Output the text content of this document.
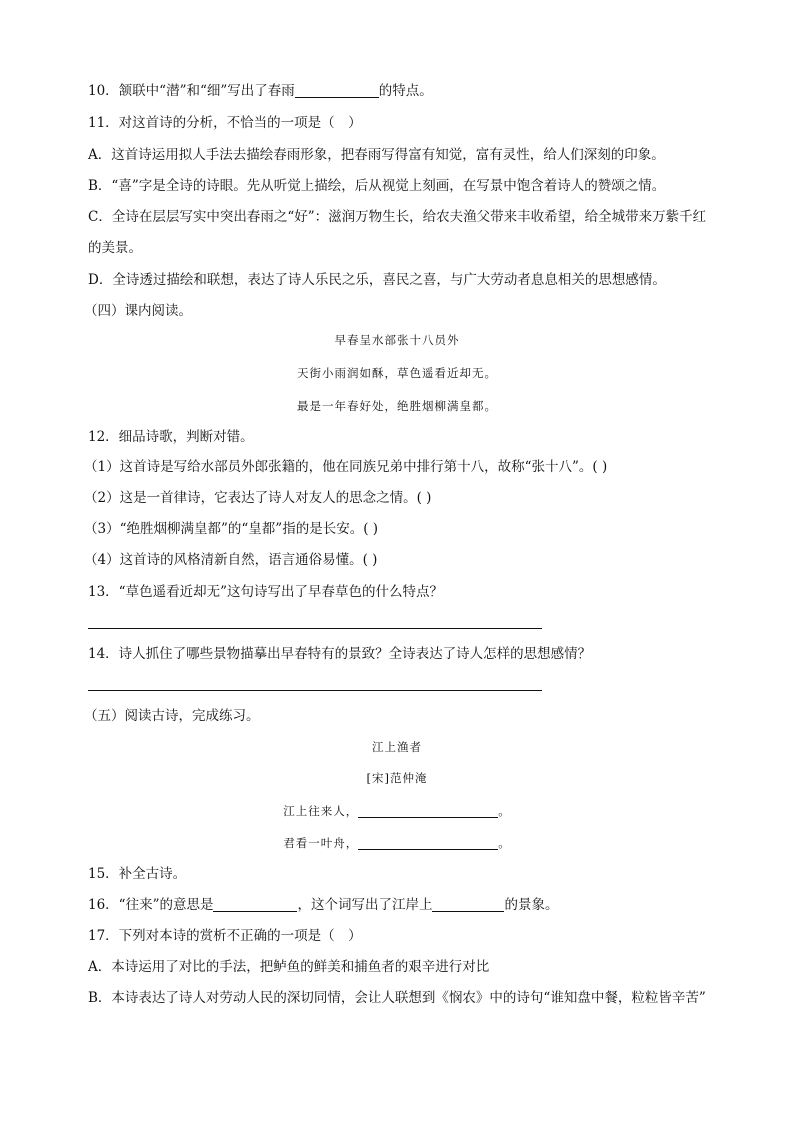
10．颔联中“潜”和“细”写出了春雨	的特点。
11．对这首诗的分析，不恰当的一项是（　）
A．这首诗运用拟人手法去描绘春雨形象，把春雨写得富有知觉，富有灵性，给人们深刻的印象。
B．“喜”字是全诗的诗眼。先从听觉上描绘，后从视觉上刻画，在写景中饱含着诗人的赞颂之情。
C．全诗在层层写实中突出春雨之“好”：滋润万物生长，给农夫渔父带来丰收希望，给全城带来万紫千红的美景。
D．全诗透过描绘和联想，表达了诗人乐民之乐，喜民之喜，与广大劳动者息息相关的思想感情。
（四）课内阅读。
早春呈水部张十八员外
天街小雨润如酥，草色遥看近却无。
最是一年春好处，绝胜烟柳满皇都。
12．细品诗歌，判断对错。
（1）这首诗是写给水部员外郎张籍的，他在同族兄弟中排行第十八，故称“张十八”。( )
（2）这是一首律诗，它表达了诗人对友人的思念之情。( )
（3）“绝胜烟柳满皇都”的“皇都”指的是长安。( )
（4）这首诗的风格清新自然，语言通俗易懂。( )
13．“草色遥看近却无”这句诗写出了早春草色的什么特点？
14．诗人抓住了哪些景物描摹出早春特有的景致？全诗表达了诗人怎样的思想感情？
（五）阅读古诗，完成练习。
江上渔者
[宋]范仲淹
江上往来人，	。
君看一叶舟，	。
15．补全古诗。
16．“往来”的意思是	，这个词写出了江岸上	的景象。
17．下列对本诗的赏析不正确的一项是（　）
A．本诗运用了对比的手法，把鲈鱼的鲜美和捕鱼者的艰辛进行对比
B．本诗表达了诗人对劳动人民的深切同情，会让人联想到《悯农》中的诗句“谁知盘中餐，粒粒皆辛苦”
